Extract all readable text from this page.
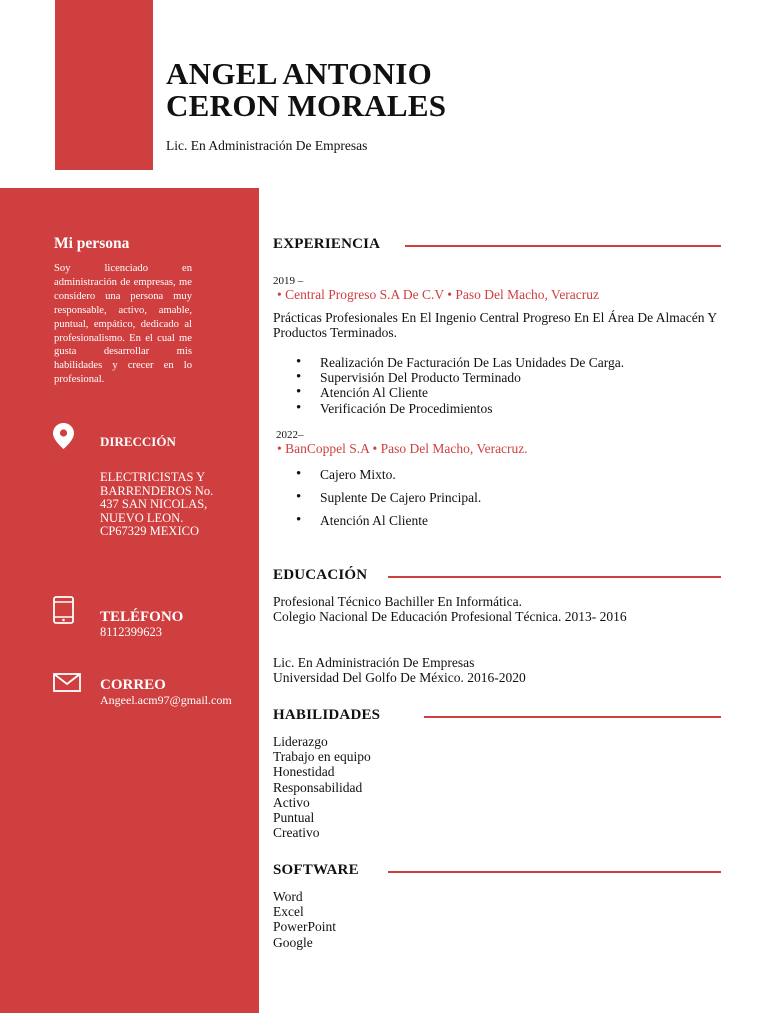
ANGEL ANTONIO
CERON MORALES
Lic. En Administración De Empresas
Mi persona
Soy licenciado en administración de empresas, me considero una persona muy responsable, activo, amable, puntual, empático, dedicado al profesionalismo. En el cual me gusta desarrollar mis habilidades y crecer en lo profesional.
DIRECCIÓN
ELECTRICISTAS Y BARRENDEROS No. 437 SAN NICOLAS, NUEVO LEON. CP67329 MEXICO
TELÉFONO
8112399623
CORREO
Angeel.acm97@gmail.com
EXPERIENCIA
2019 –
• Central Progreso S.A De C.V • Paso Del Macho, Veracruz
Prácticas Profesionales En El Ingenio Central Progreso En El Área De Almacén Y Productos Terminados.
• Realización De Facturación De Las Unidades De Carga.
• Supervisión Del Producto Terminado
• Atención Al Cliente
• Verificación De Procedimientos
2022–
• BanCoppel S.A • Paso Del Macho, Veracruz.
• Cajero Mixto.
• Suplente De Cajero Principal.
• Atención Al Cliente
EDUCACIÓN
Profesional Técnico Bachiller En Informática.
Colegio Nacional De Educación Profesional Técnica. 2013- 2016
Lic. En Administración De Empresas
Universidad Del Golfo De México. 2016-2020
HABILIDADES
Liderazgo
Trabajo en equipo
Honestidad
Responsabilidad
Activo
Puntual
Creativo
SOFTWARE
Word
Excel
PowerPoint
Google
